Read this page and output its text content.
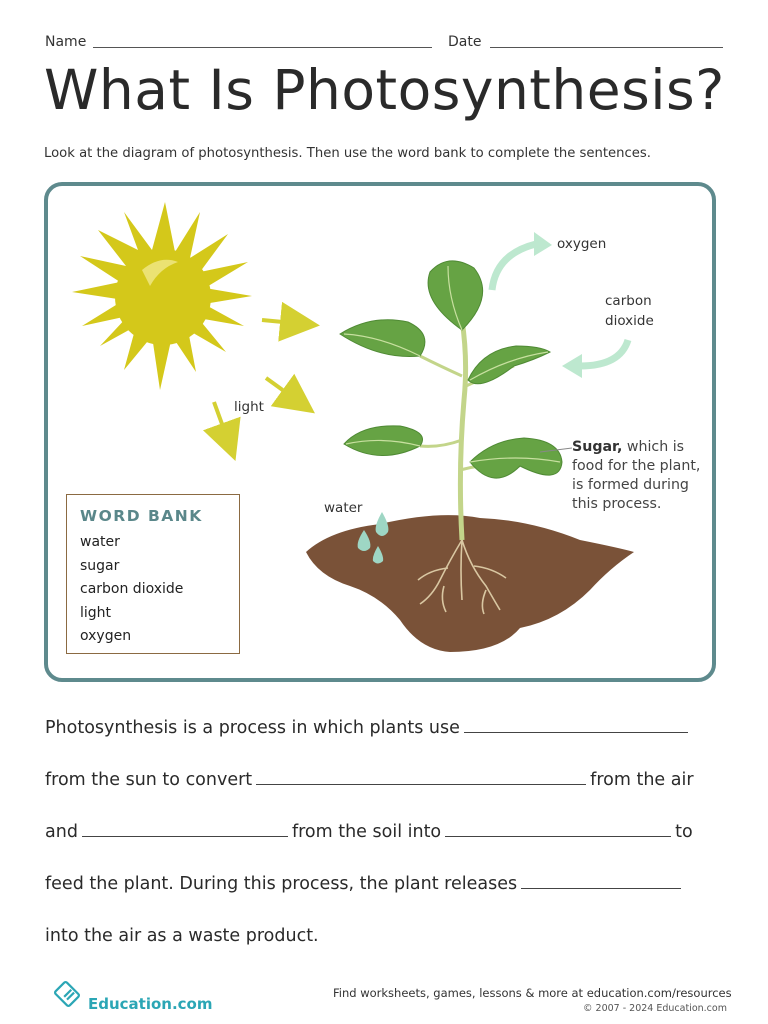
Name	Date
What Is Photosynthesis?
Look at the diagram of photosynthesis. Then use the word bank to complete the sentences.
oxygen
carbon
dioxide
light
water
Sugar, which is
food for the plant,
is formed during
this process.
WORD BANK
water
sugar
carbon dioxide
light
oxygen
Photosynthesis is a process in which plants use
from the sun to convert	from the air
and	from the soil into	to
feed the plant. During this process, the plant releases
into the air as a waste product.
Education.com
Find worksheets, games, lessons & more at education.com/resources
© 2007 - 2024 Education.com
